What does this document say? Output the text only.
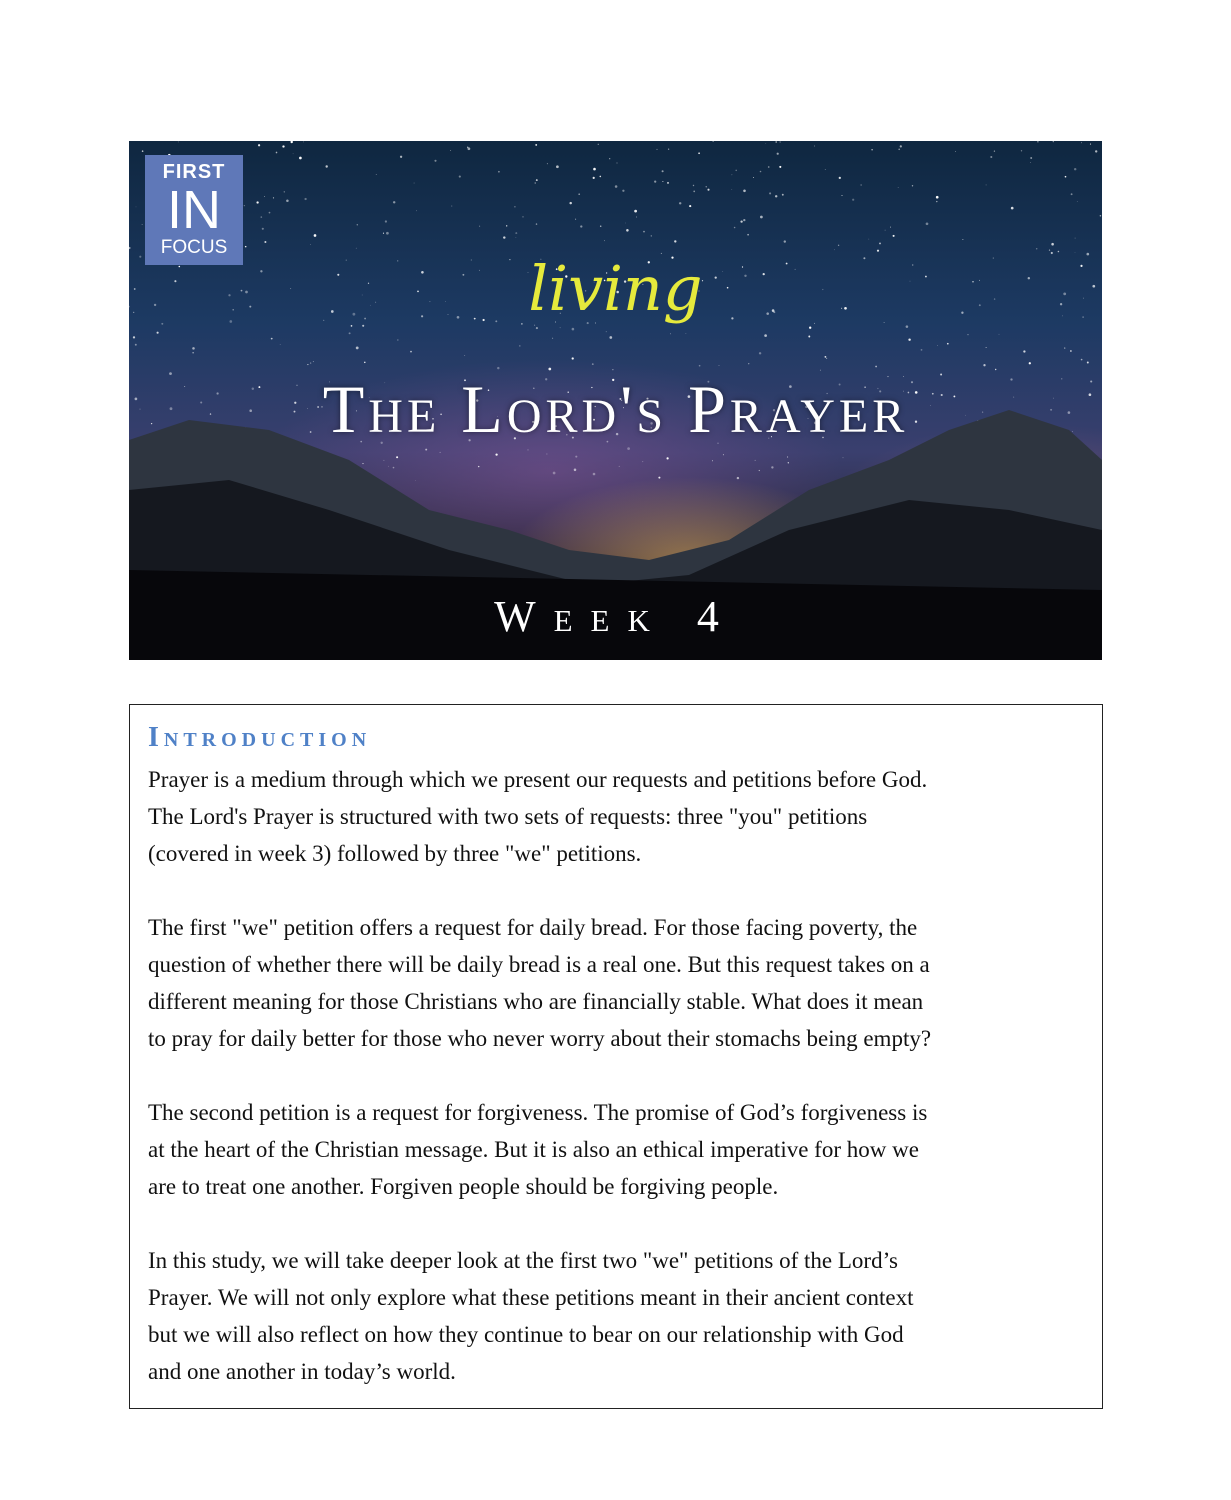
FIRST
IN
FOCUS
living
The Lord's Prayer
Week 4
Introduction

Prayer is a medium through which we present our requests and petitions before God.
The Lord's Prayer is structured with two sets of requests: three "you" petitions
(covered in week 3) followed by three "we" petitions.

The first "we" petition offers a request for daily bread. For those facing poverty, the
question of whether there will be daily bread is a real one. But this request takes on a
different meaning for those Christians who are financially stable. What does it mean
to pray for daily better for those who never worry about their stomachs being empty?

The second petition is a request for forgiveness. The promise of God’s forgiveness is
at the heart of the Christian message. But it is also an ethical imperative for how we
are to treat one another. Forgiven people should be forgiving people.

In this study, we will take deeper look at the first two "we" petitions of the Lord’s
Prayer. We will not only explore what these petitions meant in their ancient context
but we will also reflect on how they continue to bear on our relationship with God
and one another in today’s world.
